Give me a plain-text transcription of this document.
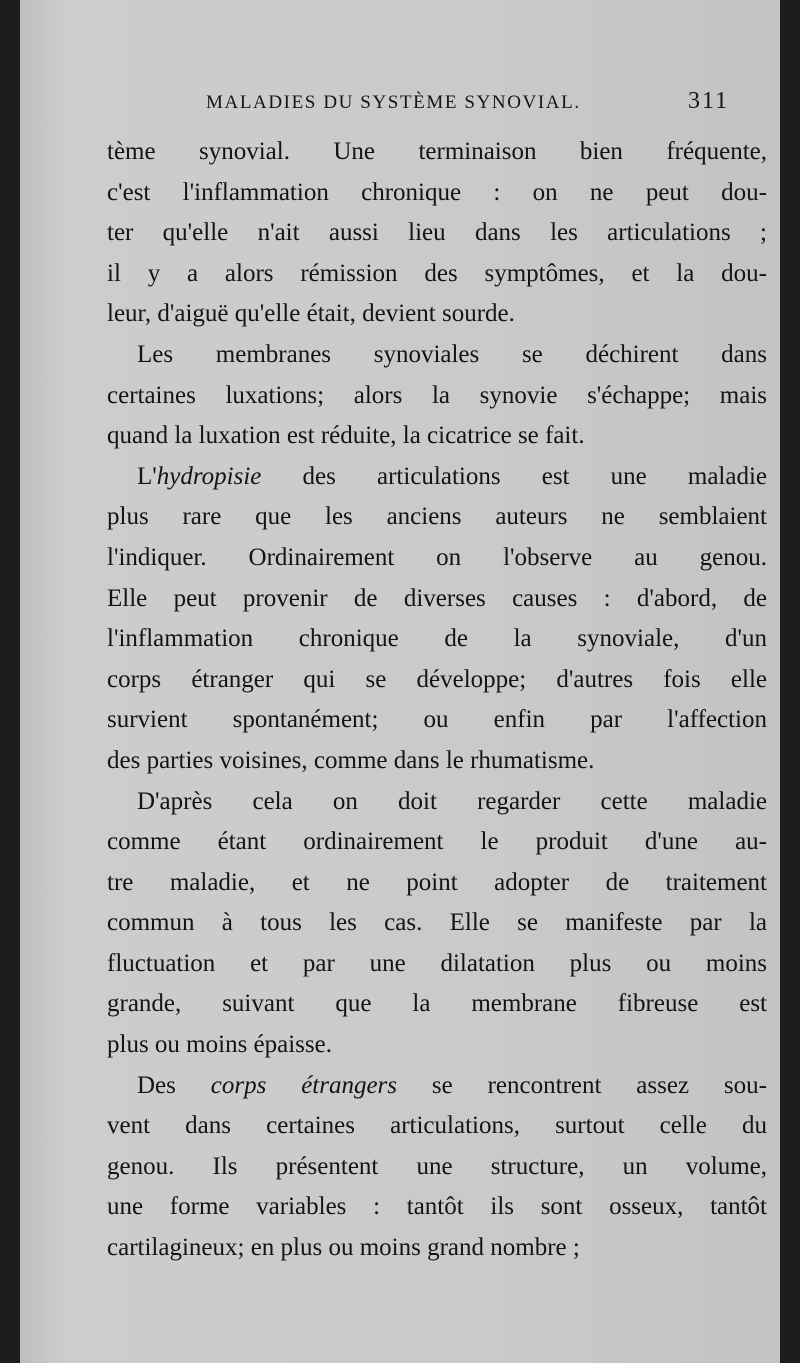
MALADIES DU SYSTÈME SYNOVIAL.	311
tème synovial. Une terminaison bien fréquente,
c'est l'inflammation chronique : on ne peut dou-
ter qu'elle n'ait aussi lieu dans les articulations ;
il y a alors rémission des symptômes, et la dou-
leur, d'aiguë qu'elle était, devient sourde.
Les membranes synoviales se déchirent dans
certaines luxations; alors la synovie s'échappe; mais
quand la luxation est réduite, la cicatrice se fait.
L'hydropisie des articulations est une maladie
plus rare que les anciens auteurs ne semblaient
l'indiquer. Ordinairement on l'observe au genou.
Elle peut provenir de diverses causes : d'abord, de
l'inflammation chronique de la synoviale, d'un
corps étranger qui se développe; d'autres fois elle
survient spontanément; ou enfin par l'affection
des parties voisines, comme dans le rhumatisme.
D'après cela on doit regarder cette maladie
comme étant ordinairement le produit d'une au-
tre maladie, et ne point adopter de traitement
commun à tous les cas. Elle se manifeste par la
fluctuation et par une dilatation plus ou moins
grande, suivant que la membrane fibreuse est
plus ou moins épaisse.
Des corps étrangers se rencontrent assez sou-
vent dans certaines articulations, surtout celle du
genou. Ils présentent une structure, un volume,
une forme variables : tantôt ils sont osseux, tantôt
cartilagineux; en plus ou moins grand nombre ;
